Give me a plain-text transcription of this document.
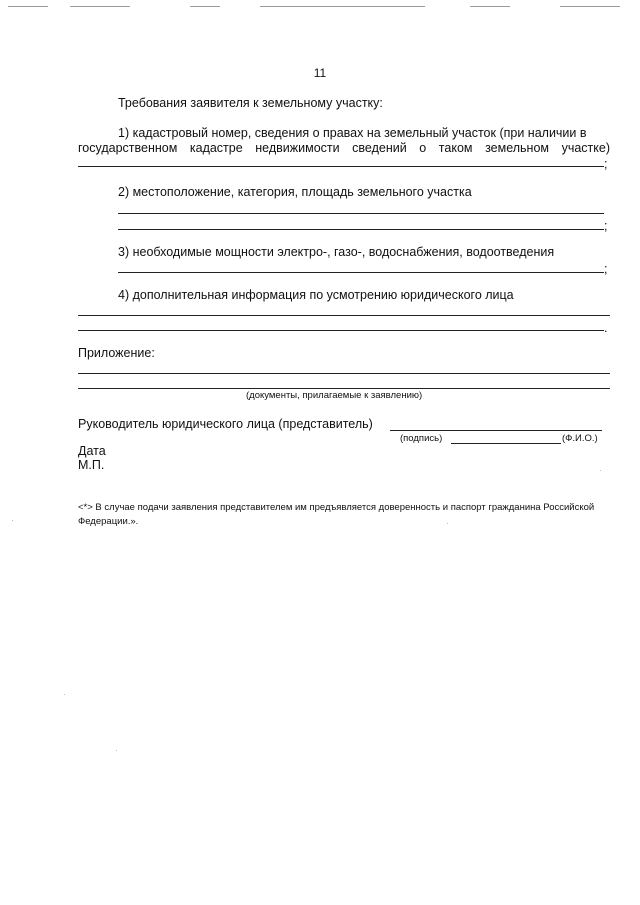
11
Требования заявителя к земельному участку:
1) кадастровый номер, сведения о правах на земельный участок (при наличии в
государственном кадастре недвижимости сведений о таком земельном участке)
;
2) местоположение, категория, площадь земельного участка
;
3) необходимые мощности электро-, газо-, водоснабжения, водоотведения
;
4) дополнительная информация по усмотрению юридического лица
.
Приложение:
(документы, прилагаемые к заявлению)
Руководитель юридического лица (представитель)
(подпись)	(Ф.И.О.)
Дата
М.П.
<*> В случае подачи заявления представителем им предъявляется доверенность и паспорт гражданина Российской Федерации.».
